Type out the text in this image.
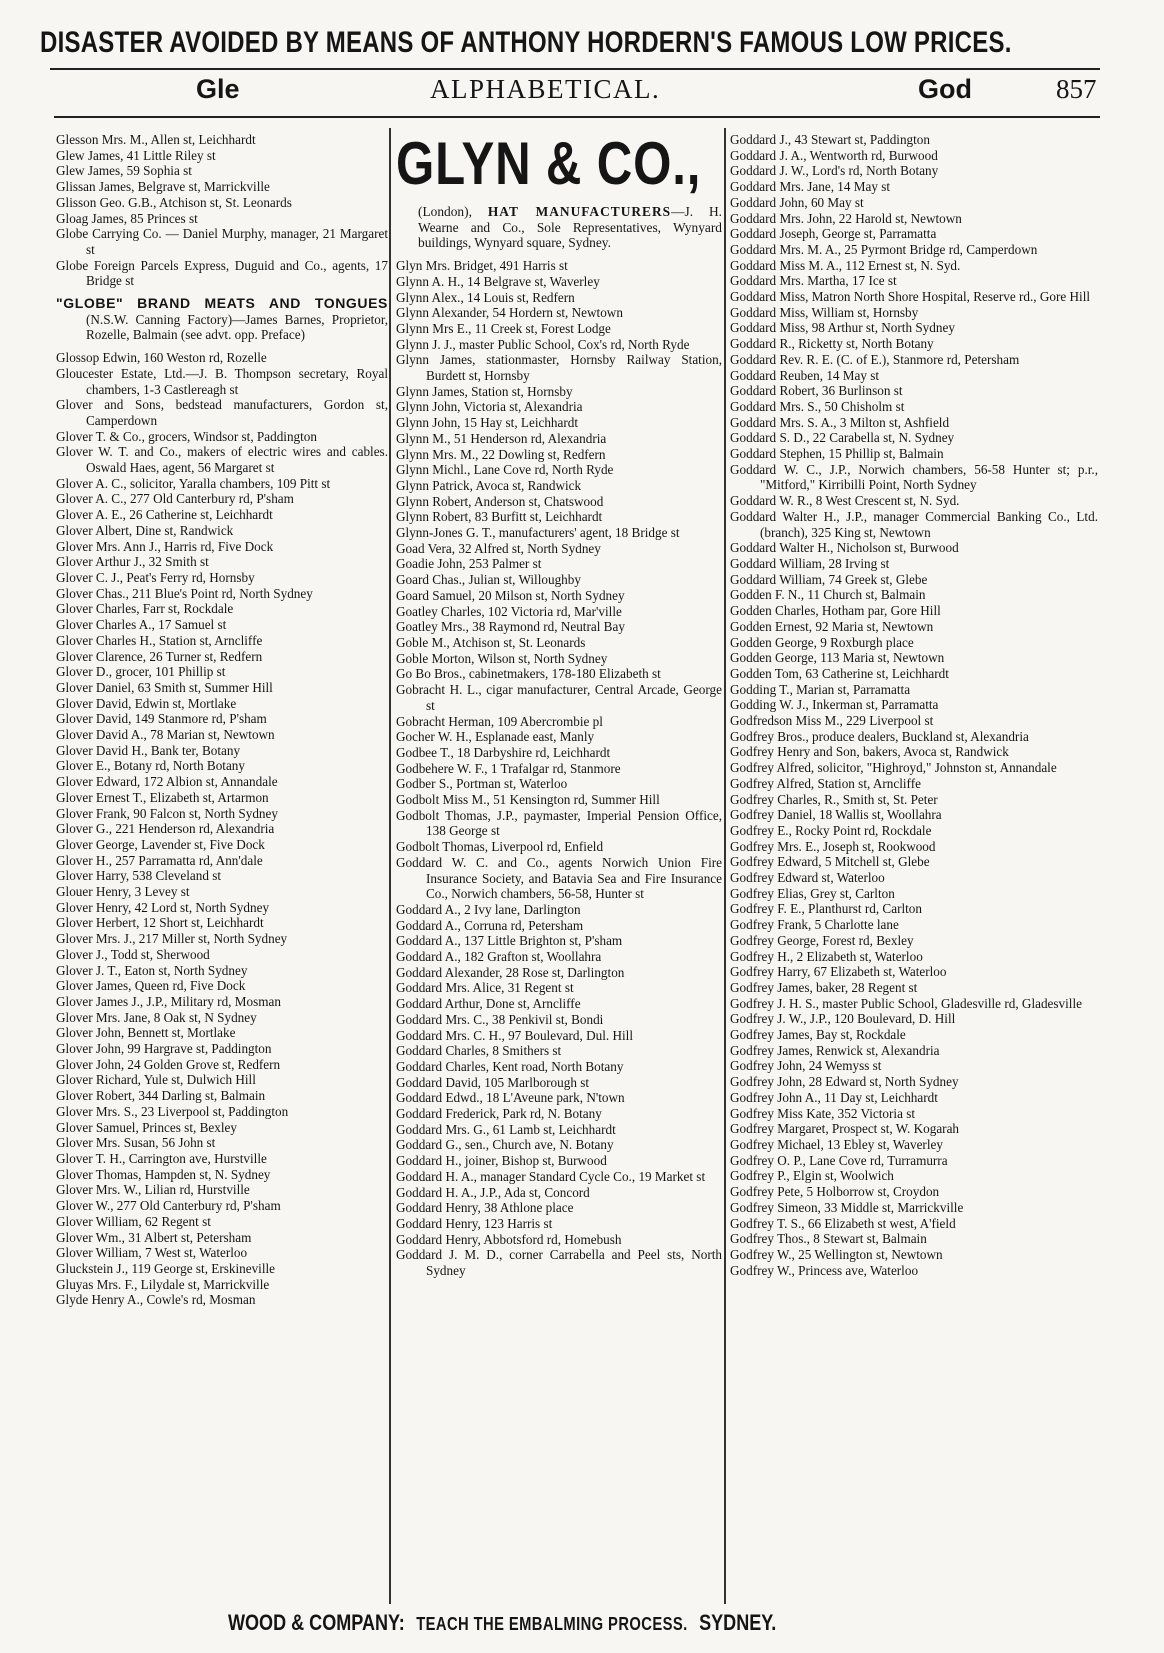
DISASTER AVOIDED BY MEANS OF ANTHONY HORDERN'S FAMOUS LOW PRICES.
Gle	ALPHABETICAL.	God	857

Glesson Mrs. M., Allen st, Leichhardt

Glew James, 41 Little Riley st

Glew James, 59 Sophia st

Glissan James, Belgrave st, Marrickville

Glisson Geo. G.B., Atchison st, St. Leonards

Gloag James, 85 Princes st

Globe Carrying Co. — Daniel Murphy, manager, 21 Margaret st

Globe Foreign Parcels Express, Duguid and Co., agents, 17 Bridge st

"GLOBE" BRAND MEATS AND TONGUES (N.S.W. Canning Factory)—James Barnes, Proprietor, Rozelle, Balmain (see advt. opp. Preface)

Glossop Edwin, 160 Weston rd, Rozelle

Gloucester Estate, Ltd.—J. B. Thompson secretary, Royal chambers, 1-3 Castlereagh st

Glover and Sons, bedstead manufacturers, Gordon st, Camperdown

Glover T. & Co., grocers, Windsor st, Paddington

Glover W. T. and Co., makers of electric wires and cables. Oswald Haes, agent, 56 Margaret st

Glover A. C., solicitor, Yaralla chambers, 109 Pitt st

Glover A. C., 277 Old Canterbury rd, P'sham

Glover A. E., 26 Catherine st, Leichhardt

Glover Albert, Dine st, Randwick

Glover Mrs. Ann J., Harris rd, Five Dock

Glover Arthur J., 32 Smith st

Glover C. J., Peat's Ferry rd, Hornsby

Glover Chas., 211 Blue's Point rd, North Sydney

Glover Charles, Farr st, Rockdale

Glover Charles A., 17 Samuel st

Glover Charles H., Station st, Arncliffe

Glover Clarence, 26 Turner st, Redfern

Glover D., grocer, 101 Phillip st

Glover Daniel, 63 Smith st, Summer Hill

Glover David, Edwin st, Mortlake

Glover David, 149 Stanmore rd, P'sham

Glover David A., 78 Marian st, Newtown

Glover David H., Bank ter, Botany

Glover E., Botany rd, North Botany

Glover Edward, 172 Albion st, Annandale

Glover Ernest T., Elizabeth st, Artarmon

Glover Frank, 90 Falcon st, North Sydney

Glover G., 221 Henderson rd, Alexandria

Glover George, Lavender st, Five Dock

Glover H., 257 Parramatta rd, Ann'dale

Glover Harry, 538 Cleveland st

Glouer Henry, 3 Levey st

Glover Henry, 42 Lord st, North Sydney

Glover Herbert, 12 Short st, Leichhardt

Glover Mrs. J., 217 Miller st, North Sydney

Glover J., Todd st, Sherwood

Glover J. T., Eaton st, North Sydney

Glover James, Queen rd, Five Dock

Glover James J., J.P., Military rd, Mosman

Glover Mrs. Jane, 8 Oak st, N Sydney

Glover John, Bennett st, Mortlake

Glover John, 99 Hargrave st, Paddington

Glover John, 24 Golden Grove st, Redfern

Glover Richard, Yule st, Dulwich Hill

Glover Robert, 344 Darling st, Balmain

Glover Mrs. S., 23 Liverpool st, Paddington

Glover Samuel, Princes st, Bexley

Glover Mrs. Susan, 56 John st

Glover T. H., Carrington ave, Hurstville

Glover Thomas, Hampden st, N. Sydney

Glover Mrs. W., Lilian rd, Hurstville

Glover W., 277 Old Canterbury rd, P'sham

Glover William, 62 Regent st

Glover Wm., 31 Albert st, Petersham

Glover William, 7 West st, Waterloo

Gluckstein J., 119 George st, Erskineville

Gluyas Mrs. F., Lilydale st, Marrickville

Glyde Henry A., Cowle's rd, Mosman

GLYN & CO.,
(London), HAT MANUFACTURERS—J. H. Wearne and Co., Sole Representatives, Wynyard buildings, Wynyard square, Sydney.

Glyn Mrs. Bridget, 491 Harris st

Glynn A. H., 14 Belgrave st, Waverley

Glynn Alex., 14 Louis st, Redfern

Glynn Alexander, 54 Hordern st, Newtown

Glynn Mrs E., 11 Creek st, Forest Lodge

Glynn J. J., master Public School, Cox's rd, North Ryde

Glynn James, stationmaster, Hornsby Railway Station, Burdett st, Hornsby

Glynn James, Station st, Hornsby

Glynn John, Victoria st, Alexandria

Glynn John, 15 Hay st, Leichhardt

Glynn M., 51 Henderson rd, Alexandria

Glynn Mrs. M., 22 Dowling st, Redfern

Glynn Michl., Lane Cove rd, North Ryde

Glynn Patrick, Avoca st, Randwick

Glynn Robert, Anderson st, Chatswood

Glynn Robert, 83 Burfitt st, Leichhardt

Glynn-Jones G. T., manufacturers' agent, 18 Bridge st

Goad Vera, 32 Alfred st, North Sydney

Goadie John, 253 Palmer st

Goard Chas., Julian st, Willoughby

Goard Samuel, 20 Milson st, North Sydney

Goatley Charles, 102 Victoria rd, Mar'ville

Goatley Mrs., 38 Raymond rd, Neutral Bay

Goble M., Atchison st, St. Leonards

Goble Morton, Wilson st, North Sydney

Go Bo Bros., cabinetmakers, 178-180 Elizabeth st

Gobracht H. L., cigar manufacturer, Central Arcade, George st

Gobracht Herman, 109 Abercrombie pl

Gocher W. H., Esplanade east, Manly

Godbee T., 18 Darbyshire rd, Leichhardt

Godbehere W. F., 1 Trafalgar rd, Stanmore

Godber S., Portman st, Waterloo

Godbolt Miss M., 51 Kensington rd, Summer Hill

Godbolt Thomas, J.P., paymaster, Imperial Pension Office, 138 George st

Godbolt Thomas, Liverpool rd, Enfield

Goddard W. C. and Co., agents Norwich Union Fire Insurance Society, and Batavia Sea and Fire Insurance Co., Norwich chambers, 56-58, Hunter st

Goddard A., 2 Ivy lane, Darlington

Goddard A., Corruna rd, Petersham

Goddard A., 137 Little Brighton st, P'sham

Goddard A., 182 Grafton st, Woollahra

Goddard Alexander, 28 Rose st, Darlington

Goddard Mrs. Alice, 31 Regent st

Goddard Arthur, Done st, Arncliffe

Goddard Mrs. C., 38 Penkivil st, Bondi

Goddard Mrs. C. H., 97 Boulevard, Dul. Hill

Goddard Charles, 8 Smithers st

Goddard Charles, Kent road, North Botany

Goddard David, 105 Marlborough st

Goddard Edwd., 18 L'Aveune park, N'town

Goddard Frederick, Park rd, N. Botany

Goddard Mrs. G., 61 Lamb st, Leichhardt

Goddard G., sen., Church ave, N. Botany

Goddard H., joiner, Bishop st, Burwood

Goddard H. A., manager Standard Cycle Co., 19 Market st

Goddard H. A., J.P., Ada st, Concord

Goddard Henry, 38 Athlone place

Goddard Henry, 123 Harris st

Goddard Henry, Abbotsford rd, Homebush

Goddard J. M. D., corner Carrabella and Peel sts, North Sydney

Goddard J., 43 Stewart st, Paddington

Goddard J. A., Wentworth rd, Burwood

Goddard J. W., Lord's rd, North Botany

Goddard Mrs. Jane, 14 May st

Goddard John, 60 May st

Goddard Mrs. John, 22 Harold st, Newtown

Goddard Joseph, George st, Parramatta

Goddard Mrs. M. A., 25 Pyrmont Bridge rd, Camperdown

Goddard Miss M. A., 112 Ernest st, N. Syd.

Goddard Mrs. Martha, 17 Ice st

Goddard Miss, Matron North Shore Hospital, Reserve rd., Gore Hill

Goddard Miss, William st, Hornsby

Goddard Miss, 98 Arthur st, North Sydney

Goddard R., Ricketty st, North Botany

Goddard Rev. R. E. (C. of E.), Stanmore rd, Petersham

Goddard Reuben, 14 May st

Goddard Robert, 36 Burlinson st

Goddard Mrs. S., 50 Chisholm st

Goddard Mrs. S. A., 3 Milton st, Ashfield

Goddard S. D., 22 Carabella st, N. Sydney

Goddard Stephen, 15 Phillip st, Balmain

Goddard W. C., J.P., Norwich chambers, 56-58 Hunter st; p.r., "Mitford," Kirribilli Point, North Sydney

Goddard W. R., 8 West Crescent st, N. Syd.

Goddard Walter H., J.P., manager Commercial Banking Co., Ltd. (branch), 325 King st, Newtown

Goddard Walter H., Nicholson st, Burwood

Goddard William, 28 Irving st

Goddard William, 74 Greek st, Glebe

Godden F. N., 11 Church st, Balmain

Godden Charles, Hotham par, Gore Hill

Godden Ernest, 92 Maria st, Newtown

Godden George, 9 Roxburgh place

Godden George, 113 Maria st, Newtown

Godden Tom, 63 Catherine st, Leichhardt

Godding T., Marian st, Parramatta

Godding W. J., Inkerman st, Parramatta

Godfredson Miss M., 229 Liverpool st

Godfrey Bros., produce dealers, Buckland st, Alexandria

Godfrey Henry and Son, bakers, Avoca st, Randwick

Godfrey Alfred, solicitor, "Highroyd," Johnston st, Annandale

Godfrey Alfred, Station st, Arncliffe

Godfrey Charles, R., Smith st, St. Peter

Godfrey Daniel, 18 Wallis st, Woollahra

Godfrey E., Rocky Point rd, Rockdale

Godfrey Mrs. E., Joseph st, Rookwood

Godfrey Edward, 5 Mitchell st, Glebe

Godfrey Edward st, Waterloo

Godfrey Elias, Grey st, Carlton

Godfrey F. E., Planthurst rd, Carlton

Godfrey Frank, 5 Charlotte lane

Godfrey George, Forest rd, Bexley

Godfrey H., 2 Elizabeth st, Waterloo

Godfrey Harry, 67 Elizabeth st, Waterloo

Godfrey James, baker, 28 Regent st

Godfrey J. H. S., master Public School, Gladesville rd, Gladesville

Godfrey J. W., J.P., 120 Boulevard, D. Hill

Godfrey James, Bay st, Rockdale

Godfrey James, Renwick st, Alexandria

Godfrey John, 24 Wemyss st

Godfrey John, 28 Edward st, North Sydney

Godfrey John A., 11 Day st, Leichhardt

Godfrey Miss Kate, 352 Victoria st

Godfrey Margaret, Prospect st, W. Kogarah

Godfrey Michael, 13 Ebley st, Waverley

Godfrey O. P., Lane Cove rd, Turramurra

Godfrey P., Elgin st, Woolwich

Godfrey Pete, 5 Holborrow st, Croydon

Godfrey Simeon, 33 Middle st, Marrickville

Godfrey T. S., 66 Elizabeth st west, A'field

Godfrey Thos., 8 Stewart st, Balmain

Godfrey W., 25 Wellington st, Newtown

Godfrey W., Princess ave, Waterloo

WOOD & COMPANY: TEACH THE EMBALMING PROCESS. SYDNEY.
